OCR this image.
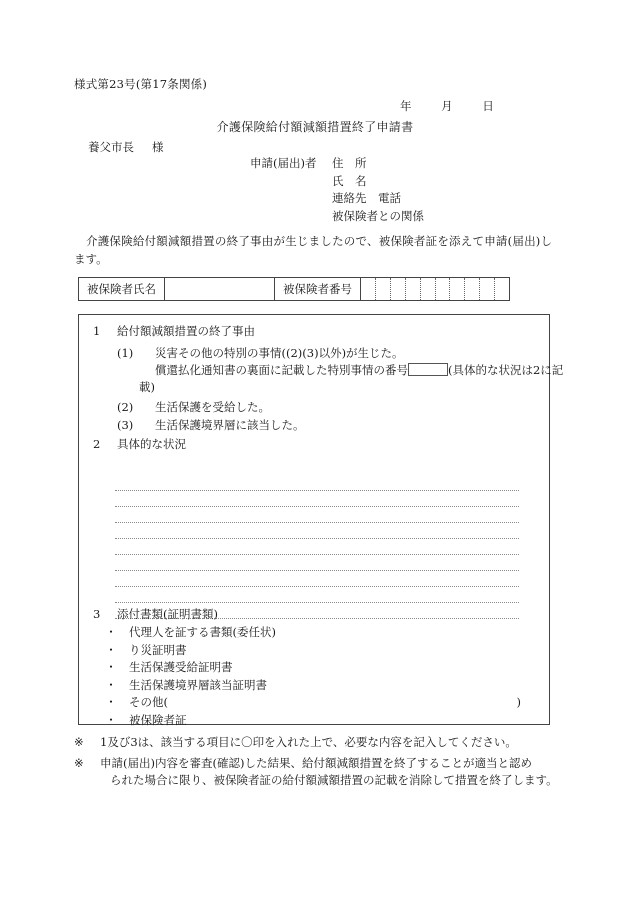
様式第23号(第17条関係)
年	月	日
介護保険給付額減額措置終了申請書
養父市長 様
申請(届出)者	住　所
氏　名
連絡先　電話
被保険者との関係
介護保険給付額減額措置の終了事由が生じましたので、被保険者証を添えて申請(届出)します。
被保険者氏名	被保険者番号
1 給付額減額措置の終了事由
(1) 災害その他の特別の事情((2)(3)以外)が生じた。
償還払化通知書の裏面に記載した特別事情の番号	(具体的な状況は2に記
載)
(2) 生活保護を受給した。
(3) 生活保護境界層に該当した。
2 具体的な状況
3 添付書類(証明書類)
・	代理人を証する書類(委任状)
・	り災証明書
・	生活保護受給証明書
・	生活保護境界層該当証明書
・	その他(	)
・	被保険者証
※	1及び3は、該当する項目に〇印を入れた上で、必要な内容を記入してください。
※	申請(届出)内容を審査(確認)した結果、給付額減額措置を終了することが適当と認め
られた場合に限り、被保険者証の給付額減額措置の記載を消除して措置を終了します。
